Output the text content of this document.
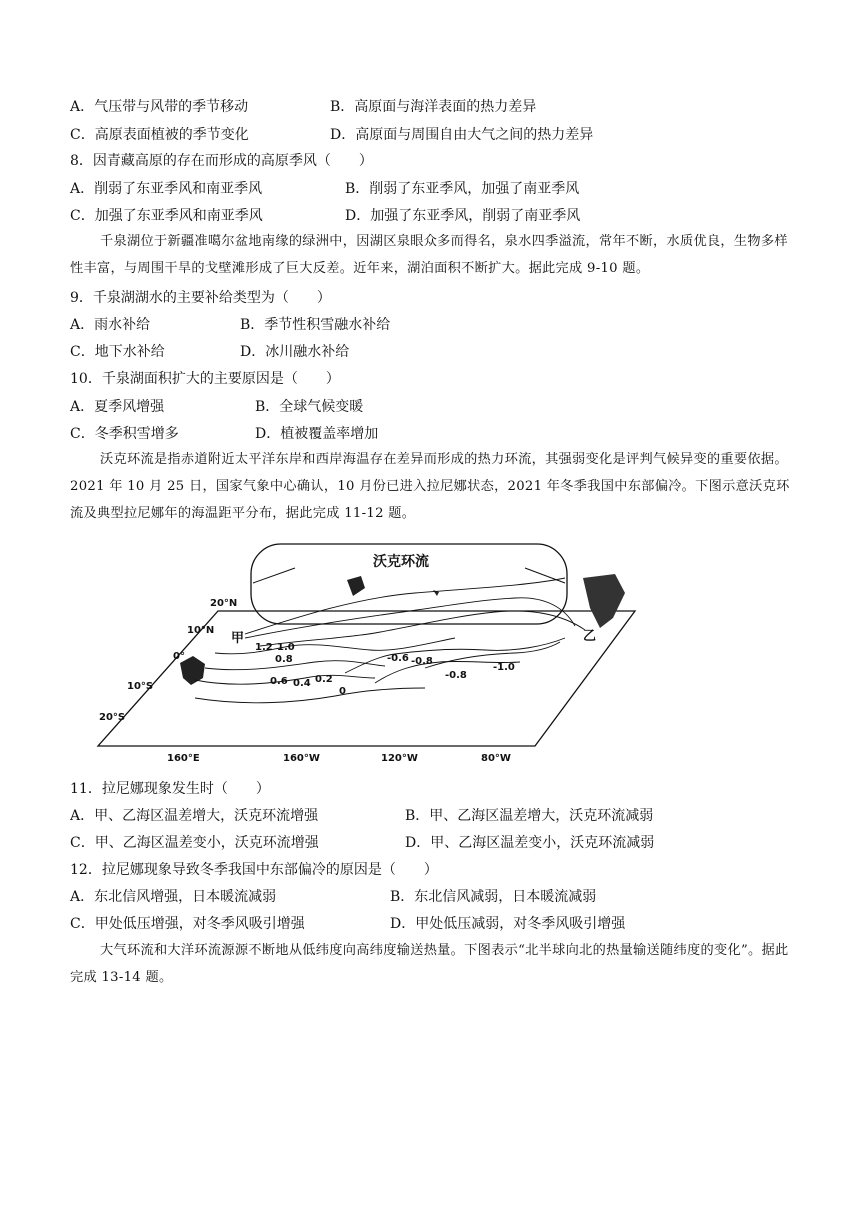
A．气压带与风带的季节移动	B．高原面与海洋表面的热力差异
C．高原表面植被的季节变化	D．高原面与周围自由大气之间的热力差异
8．因青藏高原的存在而形成的高原季风（　　）
A．削弱了东亚季风和南亚季风	B．削弱了东亚季风，加强了南亚季风
C．加强了东亚季风和南亚季风	D．加强了东亚季风，削弱了南亚季风
千泉湖位于新疆准噶尔盆地南缘的绿洲中，因湖区泉眼众多而得名，泉水四季溢流，常年不断，水质优良，生物多样性丰富，与周围干旱的戈壁滩形成了巨大反差。近年来，湖泊面积不断扩大。据此完成 9-10 题。
9．千泉湖湖水的主要补给类型为（　　）
A．雨水补给	B．季节性积雪融水补给
C．地下水补给	D．冰川融水补给
10．千泉湖面积扩大的主要原因是（　　）
A．夏季风增强	B．全球气候变暖
C．冬季积雪增多	D．植被覆盖率增加
沃克环流是指赤道附近太平洋东岸和西岸海温存在差异而形成的热力环流，其强弱变化是评判气候异变的重要依据。2021 年 10 月 25 日，国家气象中心确认，10 月份已进入拉尼娜状态，2021 年冬季我国中东部偏冷。下图示意沃克环流及典型拉尼娜年的海温距平分布，据此完成 11-12 题。
沃克环流
20°N
10°N
0°
10°S
20°S
160°E	160°W	120°W	80°W
甲	乙
1.2 1.0
0.8
0.6 0.4 0.2
0
-0.6 -0.8
-1.0
-0.8
11．拉尼娜现象发生时（　　）
A．甲、乙海区温差增大，沃克环流增强	B．甲、乙海区温差增大，沃克环流减弱
C．甲、乙海区温差变小，沃克环流增强	D．甲、乙海区温差变小，沃克环流减弱
12．拉尼娜现象导致冬季我国中东部偏冷的原因是（　　）
A．东北信风增强，日本暖流减弱	B．东北信风减弱，日本暖流减弱
C．甲处低压增强，对冬季风吸引增强	D．甲处低压减弱，对冬季风吸引增强
大气环流和大洋环流源源不断地从低纬度向高纬度输送热量。下图表示“北半球向北的热量输送随纬度的变化”。据此完成 13-14 题。
